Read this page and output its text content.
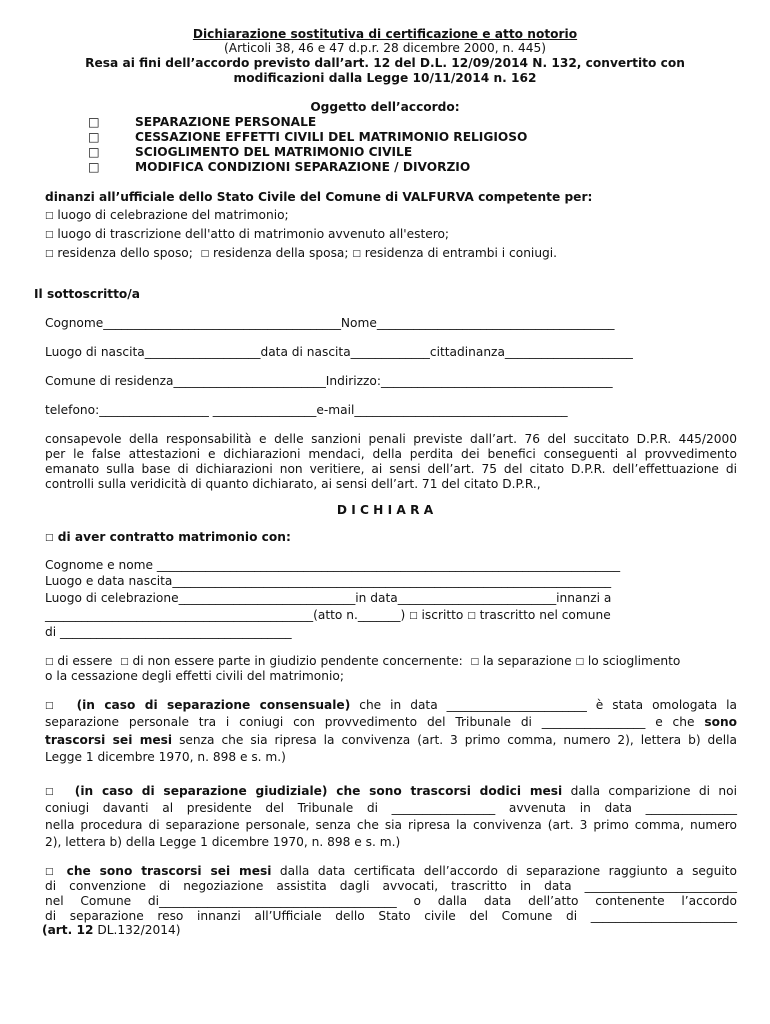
Dichiarazione sostitutiva di certificazione e atto notorio
(Articoli 38, 46 e 47 d.p.r. 28 dicembre 2000, n. 445)
Resa ai fini dell’accordo previsto dall’art. 12 del D.L. 12/09/2014 N. 132, convertito con
modificazioni dalla Legge 10/11/2014 n. 162
Oggetto dell’accordo:
□	SEPARAZIONE PERSONALE
□	CESSAZIONE EFFETTI CIVILI DEL MATRIMONIO RELIGIOSO
□	SCIOGLIMENTO DEL MATRIMONIO CIVILE
□	MODIFICA CONDIZIONI SEPARAZIONE / DIVORZIO
dinanzi all’ufficiale dello Stato Civile del Comune di VALFURVA competente per:
□ luogo di celebrazione del matrimonio;
□ luogo di trascrizione dell'atto di matrimonio avvenuto all'estero;
□ residenza dello sposo; □ residenza della sposa; □ residenza di entrambi i coniugi.
Il sottoscritto/a
Cognome_______________________________________Nome_______________________________________
Luogo di nascita___________________data di nascita_____________cittadinanza_____________________
Comune di residenza_________________________Indirizzo:______________________________________
telefono:__________________ _________________e-mail___________________________________
consapevole della responsabilità e delle sanzioni penali previste dall’art. 76 del succitato D.P.R. 445/2000
per le false attestazioni e dichiarazioni mendaci, della perdita dei benefici conseguenti al provvedimento
emanato sulla base di dichiarazioni non veritiere, ai sensi dell’art. 75 del citato D.P.R. dell’effettuazione di
controlli sulla veridicità di quanto dichiarato, ai sensi dell’art. 71 del citato D.P.R.,
D I C H I A R A
□ di aver contratto matrimonio con:
Cognome e nome ____________________________________________________________________________
Luogo e data nascita________________________________________________________________________
Luogo di celebrazione_____________________________in data__________________________innanzi a
____________________________________________(atto n._______) □ iscritto □ trascritto nel comune
di ______________________________________
□ di essere □ di non essere parte in giudizio pendente concernente: □ la separazione □ lo scioglimento
o la cessazione degli effetti civili del matrimonio;
□ (in caso di separazione consensuale) che in data _______________________ è stata omologata la
separazione personale tra i coniugi con provvedimento del Tribunale di _________________ e che sono
trascorsi sei mesi senza che sia ripresa la convivenza (art. 3 primo comma, numero 2), lettera b) della
Legge 1 dicembre 1970, n. 898 e s. m.)
□ (in caso di separazione giudiziale) che sono trascorsi dodici mesi dalla comparizione di noi
coniugi davanti al presidente del Tribunale di _________________ avvenuta in data _______________
nella procedura di separazione personale, senza che sia ripresa la convivenza (art. 3 primo comma, numero
2), lettera b) della Legge 1 dicembre 1970, n. 898 e s. m.)
□ che sono trascorsi sei mesi dalla data certificata dell’accordo di separazione raggiunto a seguito
di convenzione di negoziazione assistita dagli avvocati, trascritto in data _________________________
nel Comune di_______________________________________ o dalla data dell’atto contenente l’accordo
di separazione reso innanzi all’Ufficiale dello Stato civile del Comune di ________________________
(art. 12 DL.132/2014)
